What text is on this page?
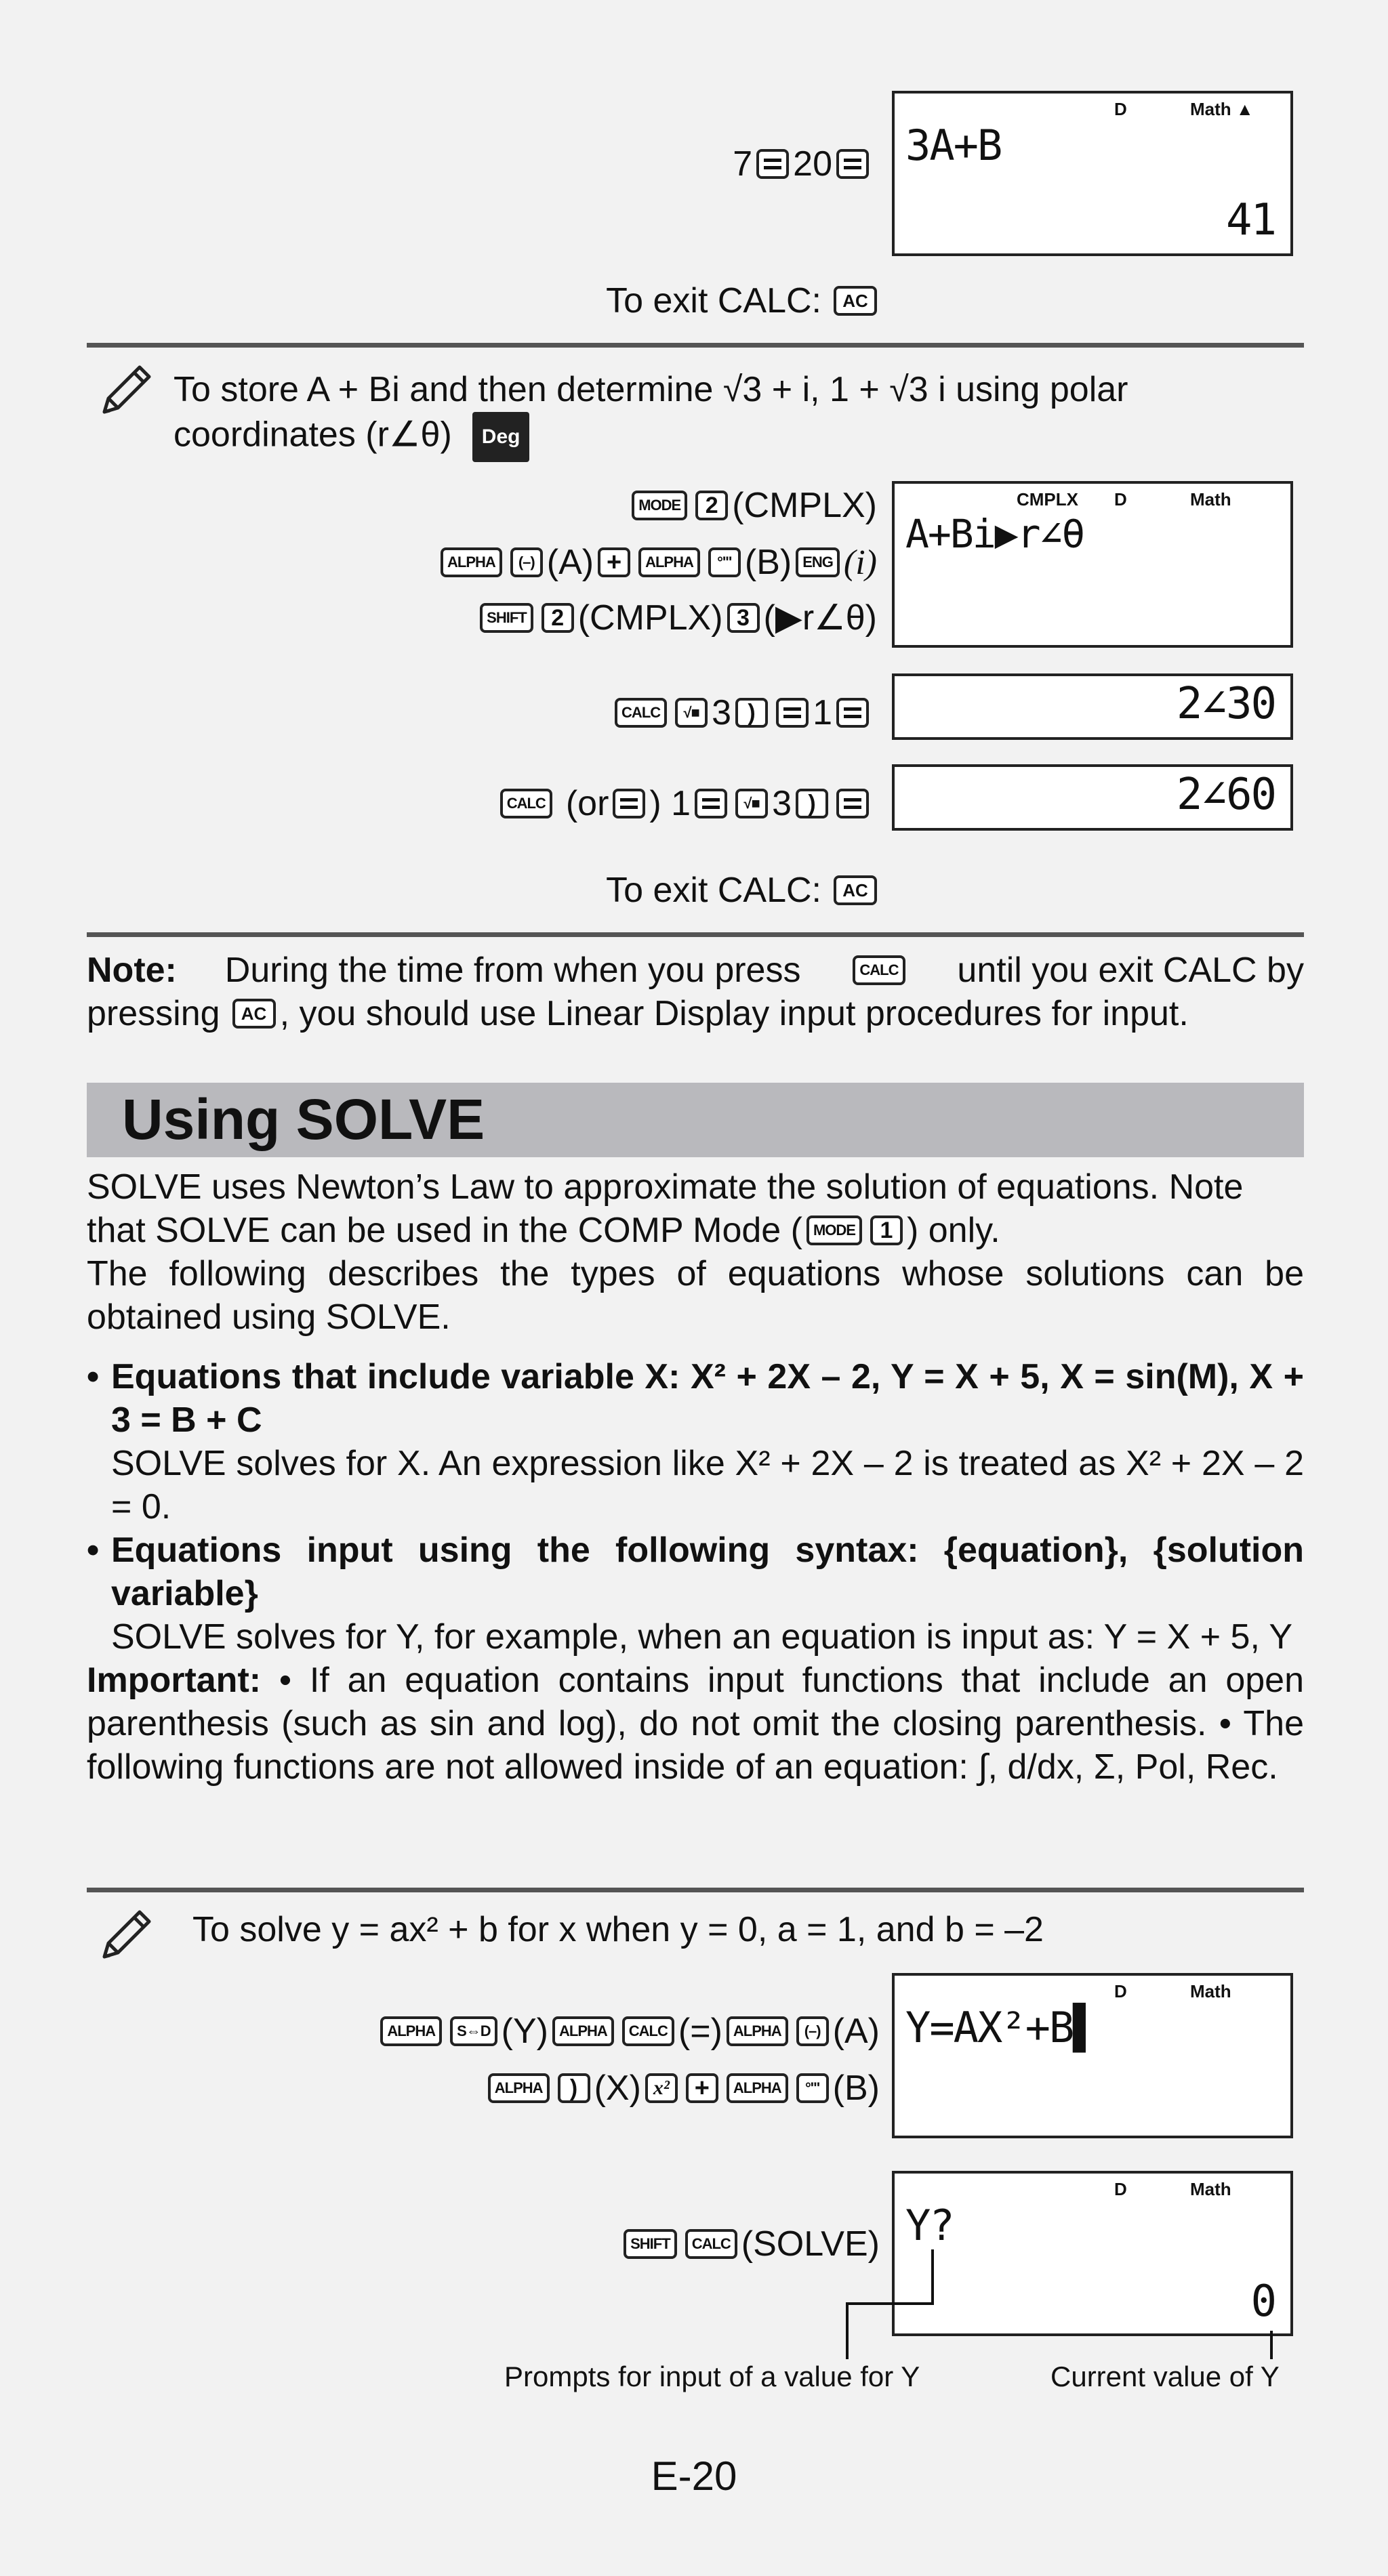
7 20
D	Math ▲
3A+B
41
To exit CALC:	AC
To store A + Bi and then determine √3 + i, 1 + √3 i using polar
coordinates (r∠θ) Deg
MODE	2 (CMPLX)
ALPHA	(–) (A) +	ALPHA	°'" (B) ENG (i)
SHIFT	2 (CMPLX) 3 (▶r∠θ)
CMPLX D	Math
A+Bi▶r∠θ
CALC	√■ 3 )	1	2∠30
CALC (or ) 1	√■ 3 )	2∠60
To exit CALC:	AC
Note: During the time from when you press	CALC until you exit CALC by
pressing	AC , you should use Linear Display input procedures for input.
Using SOLVE
SOLVE uses Newton’s Law to approximate the solution of equations. Note
that SOLVE can be used in the COMP Mode ( MODE	1 ) only.
The following describes the types of equations whose solutions can be obtained using SOLVE.
• Equations that include variable X: X² + 2X – 2, Y = X + 5, X = sin(M), X + 3 = B + C
SOLVE solves for X. An expression like X² + 2X – 2 is treated as X² + 2X – 2 = 0.
• Equations input using the following syntax: {equation}, {solution variable}
SOLVE solves for Y, for example, when an equation is input as: Y = X + 5, Y
Important: • If an equation contains input functions that include an open parenthesis (such as sin and log), do not omit the closing parenthesis. • The following functions are not allowed inside of an equation: ∫, d/dx, Σ, Pol, Rec.
To solve y = ax² + b for x when y = 0, a = 1, and b = –2
ALPHA	S⇔D (Y) ALPHA	CALC (=) ALPHA	(–) (A)
ALPHA	) (X) x² +	ALPHA	°'" (B)
D	Math
Y=AX²+B▌
SHIFT	CALC (SOLVE)
D	Math
Y?
0
Prompts for input of a value for Y	Current value of Y
E-20
